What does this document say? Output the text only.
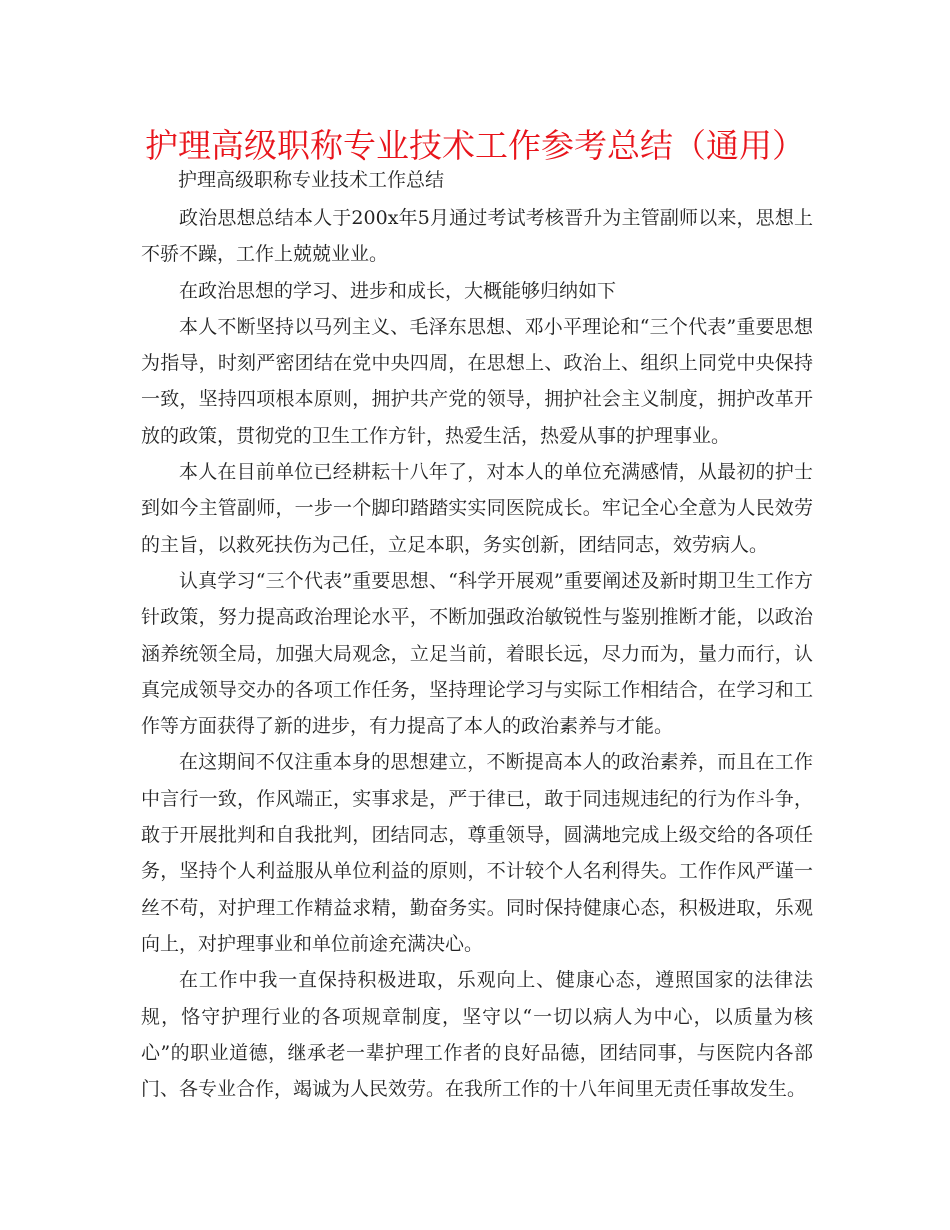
护理高级职称专业技术工作参考总结（通用）
护理高级职称专业技术工作总结

政治思想总结本人于200x年5月通过考试考核晋升为主管副师以来，思想上不骄不躁，工作上兢兢业业。

在政治思想的学习、进步和成长，大概能够归纳如下

本人不断坚持以马列主义、毛泽东思想、邓小平理论和“三个代表”重要思想为指导，时刻严密团结在党中央四周，在思想上、政治上、组织上同党中央保持一致，坚持四项根本原则，拥护共产党的领导，拥护社会主义制度，拥护改革开放的政策，贯彻党的卫生工作方针，热爱生活，热爱从事的护理事业。

本人在目前单位已经耕耘十八年了，对本人的单位充满感情，从最初的护士到如今主管副师，一步一个脚印踏踏实实同医院成长。牢记全心全意为人民效劳的主旨，以救死扶伤为己任，立足本职，务实创新，团结同志，效劳病人。

认真学习“三个代表”重要思想、“科学开展观”重要阐述及新时期卫生工作方针政策，努力提高政治理论水平，不断加强政治敏锐性与鉴别推断才能，以政治涵养统领全局，加强大局观念，立足当前，着眼长远，尽力而为，量力而行，认真完成领导交办的各项工作任务，坚持理论学习与实际工作相结合，在学习和工作等方面获得了新的进步，有力提高了本人的政治素养与才能。

在这期间不仅注重本身的思想建立，不断提高本人的政治素养，而且在工作中言行一致，作风端正，实事求是，严于律已，敢于同违规违纪的行为作斗争，敢于开展批判和自我批判，团结同志，尊重领导，圆满地完成上级交给的各项任务，坚持个人利益服从单位利益的原则，不计较个人名利得失。工作作风严谨一丝不苟，对护理工作精益求精，勤奋务实。同时保持健康心态，积极进取，乐观向上，对护理事业和单位前途充满决心。

在工作中我一直保持积极进取，乐观向上、健康心态，遵照国家的法律法规，恪守护理行业的各项规章制度，坚守以“一切以病人为中心，以质量为核心”的职业道德，继承老一辈护理工作者的良好品德，团结同事，与医院内各部门、各专业合作，竭诚为人民效劳。在我所工作的十八年间里无责任事故发生。
